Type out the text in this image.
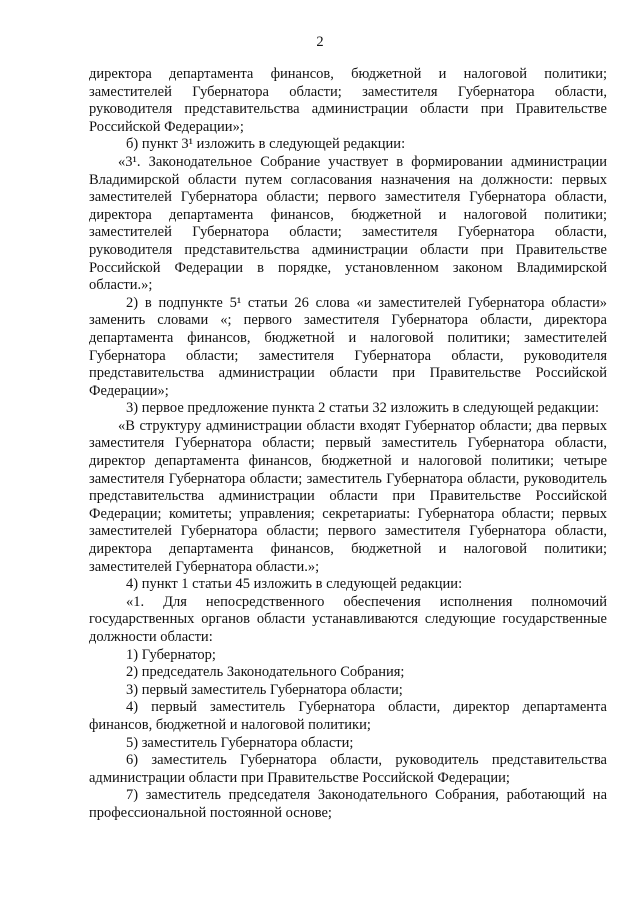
2

директора департамента финансов, бюджетной и налоговой политики; заместителей Губернатора области; заместителя Губернатора области, руководителя представительства администрации области при Правительстве Российской Федерации»;

б) пункт 3¹ изложить в следующей редакции:

«3¹. Законодательное Собрание участвует в формировании администрации Владимирской области путем согласования назначения на должности: первых заместителей Губернатора области; первого заместителя Губернатора области, директора департамента финансов, бюджетной и налоговой политики; заместителей Губернатора области; заместителя Губернатора области, руководителя представительства администрации области при Правительстве Российской Федерации в порядке, установленном законом Владимирской области.»;

2) в подпункте 5¹ статьи 26 слова «и заместителей Губернатора области» заменить словами «; первого заместителя Губернатора области, директора департамента финансов, бюджетной и налоговой политики; заместителей Губернатора области; заместителя Губернатора области, руководителя представительства администрации области при Правительстве Российской Федерации»;

3) первое предложение пункта 2 статьи 32 изложить в следующей редакции:

«В структуру администрации области входят Губернатор области; два первых заместителя Губернатора области; первый заместитель Губернатора области, директор департамента финансов, бюджетной и налоговой политики; четыре заместителя Губернатора области; заместитель Губернатора области, руководитель представительства администрации области при Правительстве Российской Федерации; комитеты; управления; секретариаты: Губернатора области; первых заместителей Губернатора области; первого заместителя Губернатора области, директора департамента финансов, бюджетной и налоговой политики; заместителей Губернатора области.»;

4) пункт 1 статьи 45 изложить в следующей редакции:

«1. Для непосредственного обеспечения исполнения полномочий государственных органов области устанавливаются следующие государственные должности области:

1) Губернатор;

2) председатель Законодательного Собрания;

3) первый заместитель Губернатора области;

4) первый заместитель Губернатора области, директор департамента финансов, бюджетной и налоговой политики;

5) заместитель Губернатора области;

6) заместитель Губернатора области, руководитель представительства администрации области при Правительстве Российской Федерации;

7) заместитель председателя Законодательного Собрания, работающий на профессиональной постоянной основе;
